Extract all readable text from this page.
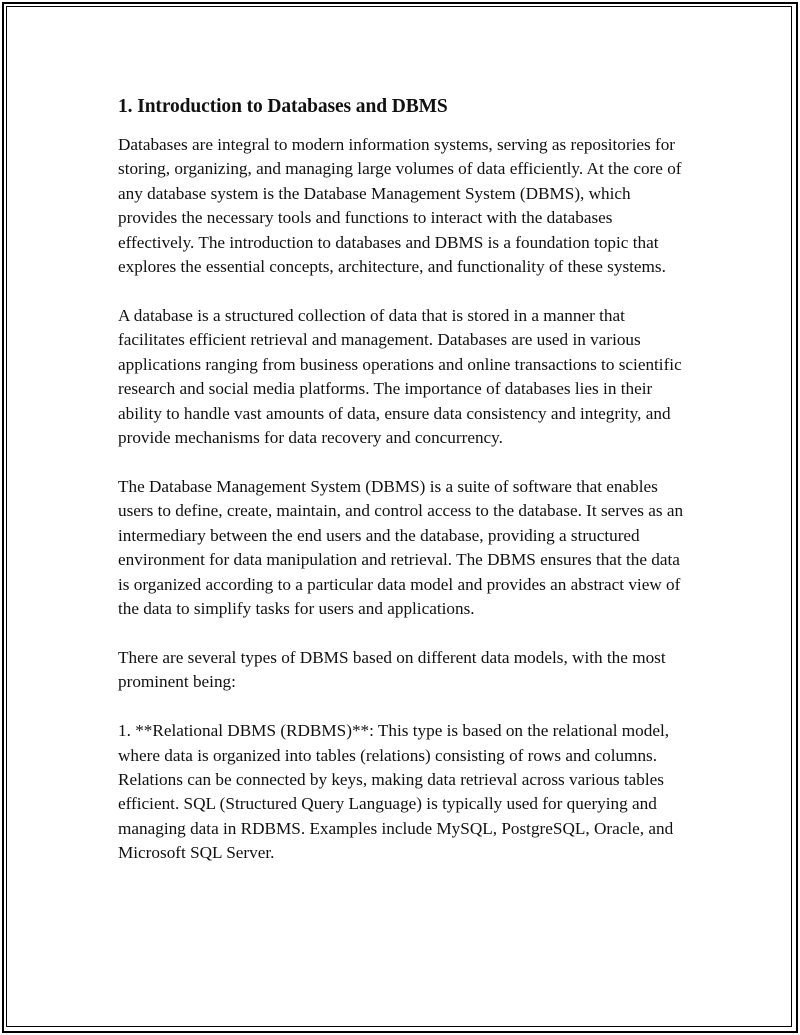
1. Introduction to Databases and DBMS

Databases are integral to modern information systems, serving as repositories for storing, organizing, and managing large volumes of data efficiently. At the core of any database system is the Database Management System (DBMS), which provides the necessary tools and functions to interact with the databases effectively. The introduction to databases and DBMS is a foundation topic that explores the essential concepts, architecture, and functionality of these systems.

A database is a structured collection of data that is stored in a manner that facilitates efficient retrieval and management. Databases are used in various applications ranging from business operations and online transactions to scientific research and social media platforms. The importance of databases lies in their ability to handle vast amounts of data, ensure data consistency and integrity, and provide mechanisms for data recovery and concurrency.

The Database Management System (DBMS) is a suite of software that enables users to define, create, maintain, and control access to the database. It serves as an intermediary between the end users and the database, providing a structured environment for data manipulation and retrieval. The DBMS ensures that the data is organized according to a particular data model and provides an abstract view of the data to simplify tasks for users and applications.

There are several types of DBMS based on different data models, with the most prominent being:

1. **Relational DBMS (RDBMS)**: This type is based on the relational model, where data is organized into tables (relations) consisting of rows and columns. Relations can be connected by keys, making data retrieval across various tables efficient. SQL (Structured Query Language) is typically used for querying and managing data in RDBMS. Examples include MySQL, PostgreSQL, Oracle, and Microsoft SQL Server.
